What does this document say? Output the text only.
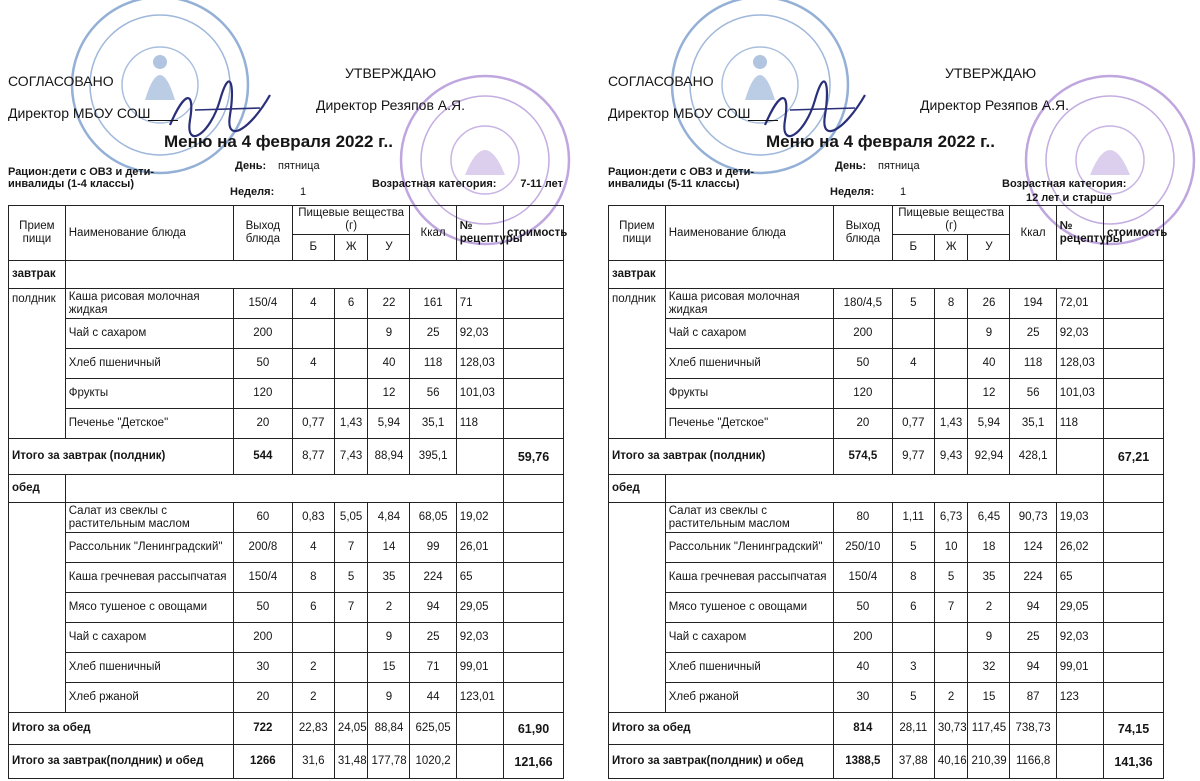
СОГЛАСОВАНО
Директор МБОУ СОШ
УТВЕРЖДАЮ
Директор Резяпов А.Я.
Меню на 4 февраля 2022 г..
Рацион:дети с ОВЗ и дети-инвалиды (1-4 классы)
День: пятница
Неделя: 1
Возрастная категория:	7-11 лет
Прием пищи	Наименование блюда	Выход блюда	Пищевые вещества (г)			Ккал	№ рецептуры	стоимость
			Б	Ж	У			
завтрак								
полдник	Каша рисовая молочная жидкая	150/4	4	6	22	161	71	
	Чай с сахаром	200			9	25	92,03	
	Хлеб пшеничный	50	4		40	118	128,03	
	Фрукты	120			12	56	101,03	
	Печенье "Детское"	20	0,77	1,43	5,94	35,1	118	
Итого за завтрак (полдник)		544	8,77	7,43	88,94	395,1		59,76
обед								
	Салат из свеклы с растительным маслом	60	0,83	5,05	4,84	68,05	19,02	
	Рассольник "Ленинградский"	200/8	4	7	14	99	26,01	
	Каша гречневая рассыпчатая	150/4	8	5	35	224	65	
	Мясо тушеное с овощами	50	6	7	2	94	29,05	
	Чай с сахаром	200			9	25	92,03	
	Хлеб пшеничный	30	2		15	71	99,01	
	Хлеб ржаной	20	2		9	44	123,01	
Итого за обед		722	22,83	24,05	88,84	625,05		61,90
Итого за завтрак(полдник) и обед		1266	31,6	31,48	177,78	1020,2		121,66
СОГЛАСОВАНО
Директор МБОУ СОШ
УТВЕРЖДАЮ
Директор Резяпов А.Я.
Меню на 4 февраля 2022 г..
Рацион:дети с ОВЗ и дети-инвалиды (5-11 классы)
День: пятница
Неделя: 1
Возрастная категория:
12 лет и старше
Прием пищи	Наименование блюда	Выход блюда	Пищевые вещества (г)			Ккал	№ рецептуры	стоимость
			Б	Ж	У			
завтрак								
полдник	Каша рисовая молочная жидкая	180/4,5	5	8	26	194	72,01	
	Чай с сахаром	200			9	25	92,03	
	Хлеб пшеничный	50	4		40	118	128,03	
	Фрукты	120			12	56	101,03	
	Печенье "Детское"	20	0,77	1,43	5,94	35,1	118	
Итого за завтрак (полдник)		574,5	9,77	9,43	92,94	428,1		67,21
обед								
	Салат из свеклы с растительным маслом	80	1,11	6,73	6,45	90,73	19,03	
	Рассольник "Ленинградский"	250/10	5	10	18	124	26,02	
	Каша гречневая рассыпчатая	150/4	8	5	35	224	65	
	Мясо тушеное с овощами	50	6	7	2	94	29,05	
	Чай с сахаром	200			9	25	92,03	
	Хлеб пшеничный	40	3		32	94	99,01	
	Хлеб ржаной	30	5	2	15	87	123	
Итого за обед		814	28,11	30,73	117,45	738,73		74,15
Итого за завтрак(полдник) и обед		1388,5	37,88	40,16	210,39	1166,8		141,36
